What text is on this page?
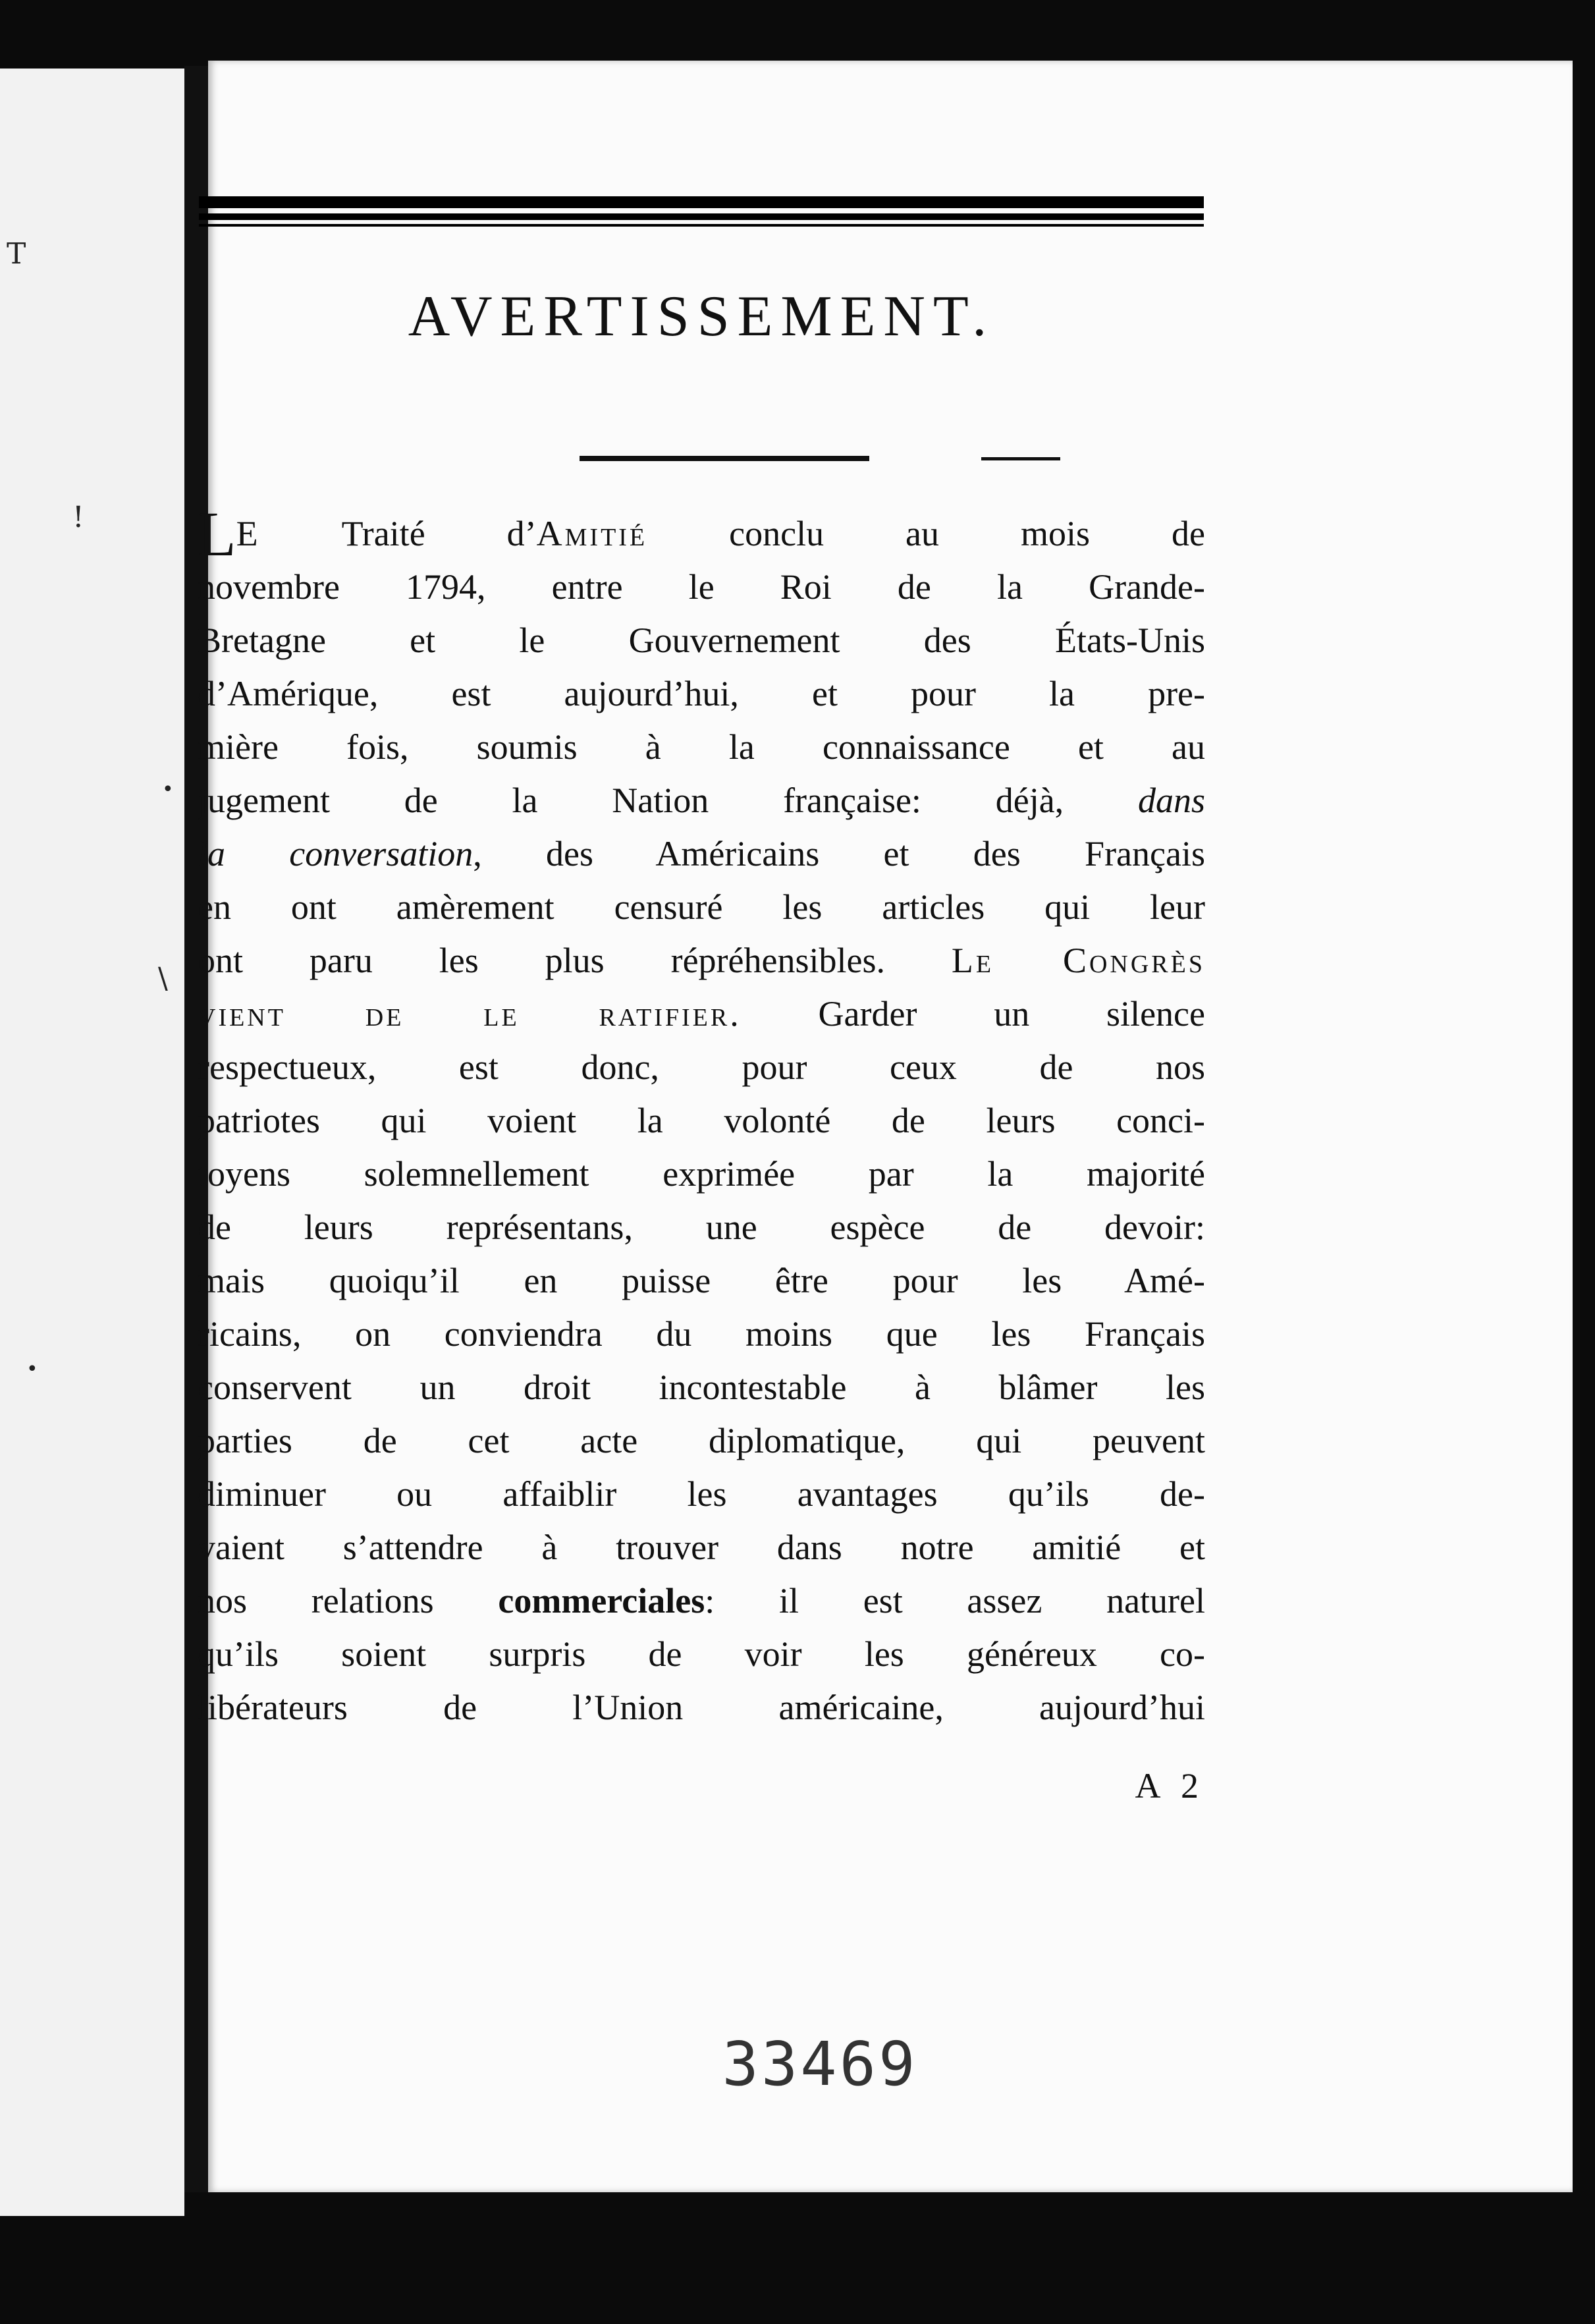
T
!
•
\
•
AVERTISSEMENT.
LE Traité d’Amitié conclu au mois de
novembre 1794, entre le Roi de la Grande-
Bretagne et le Gouvernement des États-Unis
d’Amérique, est aujourd’hui, et pour la pre-
mière fois, soumis à la connaissance et au
jugement de la Nation française: déjà, dans
la conversation, des Américains et des Français
en ont amèrement censuré les articles qui leur
ont paru les plus répréhensibles. Le Congrès
vient de le ratifier. Garder un silence
respectueux, est donc, pour ceux de nos
patriotes qui voient la volonté de leurs conci-
toyens solemnellement exprimée par la majorité
de leurs représentans, une espèce de devoir:
mais quoiqu’il en puisse être pour les Amé-
ricains, on conviendra du moins que les Français
conservent un droit incontestable à blâmer les
parties de cet acte diplomatique, qui peuvent
diminuer ou affaiblir les avantages qu’ils de-
vaient s’attendre à trouver dans notre amitié et
nos relations commerciales: il est assez naturel
qu’ils soient surpris de voir les généreux co-
libérateurs de l’Union américaine, aujourd’hui
A 2
33469
